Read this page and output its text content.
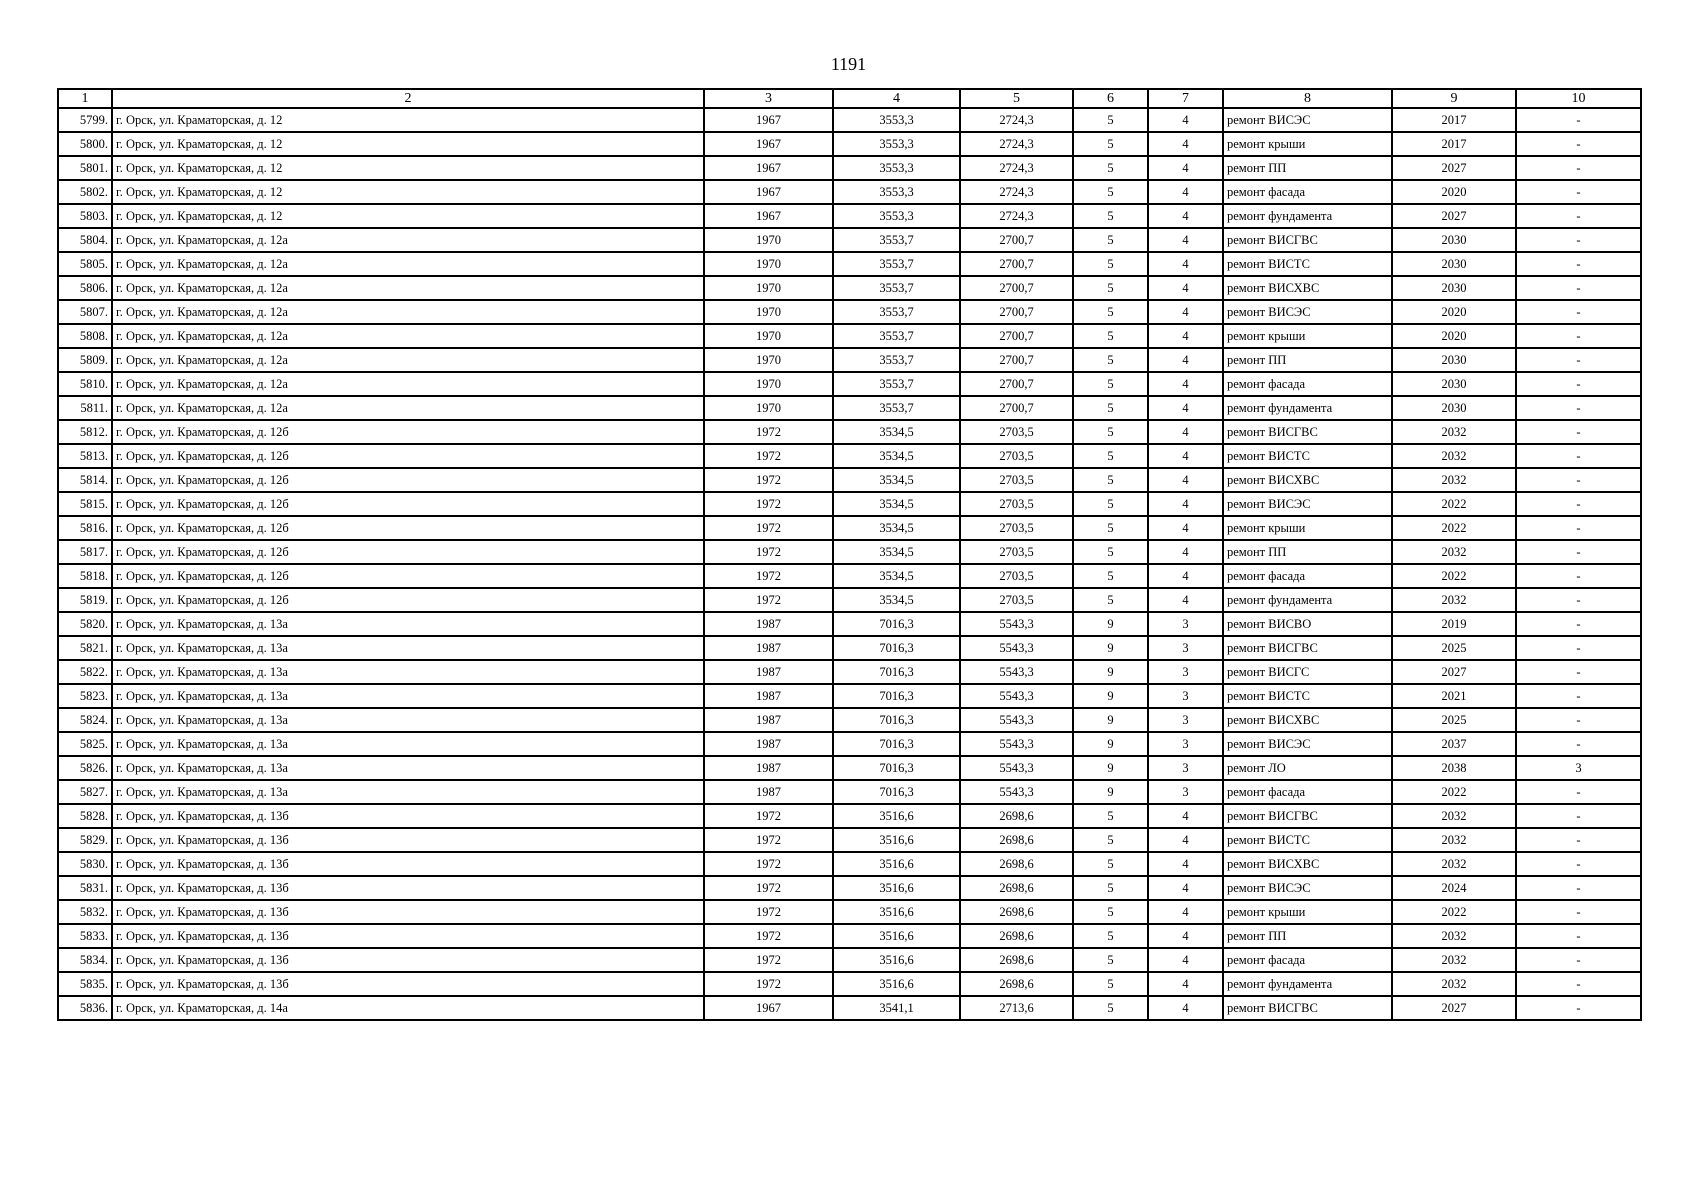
1191
1	2	3	4	5	6	7	8	9	10
5799.	г. Орск, ул. Краматорская, д. 12	1967	3553,3	2724,3	5	4	ремонт ВИСЭС	2017	-
5800.	г. Орск, ул. Краматорская, д. 12	1967	3553,3	2724,3	5	4	ремонт крыши	2017	-
5801.	г. Орск, ул. Краматорская, д. 12	1967	3553,3	2724,3	5	4	ремонт ПП	2027	-
5802.	г. Орск, ул. Краматорская, д. 12	1967	3553,3	2724,3	5	4	ремонт фасада	2020	-
5803.	г. Орск, ул. Краматорская, д. 12	1967	3553,3	2724,3	5	4	ремонт фундамента	2027	-
5804.	г. Орск, ул. Краматорская, д. 12а	1970	3553,7	2700,7	5	4	ремонт ВИСГВС	2030	-
5805.	г. Орск, ул. Краматорская, д. 12а	1970	3553,7	2700,7	5	4	ремонт ВИСТС	2030	-
5806.	г. Орск, ул. Краматорская, д. 12а	1970	3553,7	2700,7	5	4	ремонт ВИСХВС	2030	-
5807.	г. Орск, ул. Краматорская, д. 12а	1970	3553,7	2700,7	5	4	ремонт ВИСЭС	2020	-
5808.	г. Орск, ул. Краматорская, д. 12а	1970	3553,7	2700,7	5	4	ремонт крыши	2020	-
5809.	г. Орск, ул. Краматорская, д. 12а	1970	3553,7	2700,7	5	4	ремонт ПП	2030	-
5810.	г. Орск, ул. Краматорская, д. 12а	1970	3553,7	2700,7	5	4	ремонт фасада	2030	-
5811.	г. Орск, ул. Краматорская, д. 12а	1970	3553,7	2700,7	5	4	ремонт фундамента	2030	-
5812.	г. Орск, ул. Краматорская, д. 12б	1972	3534,5	2703,5	5	4	ремонт ВИСГВС	2032	-
5813.	г. Орск, ул. Краматорская, д. 12б	1972	3534,5	2703,5	5	4	ремонт ВИСТС	2032	-
5814.	г. Орск, ул. Краматорская, д. 12б	1972	3534,5	2703,5	5	4	ремонт ВИСХВС	2032	-
5815.	г. Орск, ул. Краматорская, д. 12б	1972	3534,5	2703,5	5	4	ремонт ВИСЭС	2022	-
5816.	г. Орск, ул. Краматорская, д. 12б	1972	3534,5	2703,5	5	4	ремонт крыши	2022	-
5817.	г. Орск, ул. Краматорская, д. 12б	1972	3534,5	2703,5	5	4	ремонт ПП	2032	-
5818.	г. Орск, ул. Краматорская, д. 12б	1972	3534,5	2703,5	5	4	ремонт фасада	2022	-
5819.	г. Орск, ул. Краматорская, д. 12б	1972	3534,5	2703,5	5	4	ремонт фундамента	2032	-
5820.	г. Орск, ул. Краматорская, д. 13а	1987	7016,3	5543,3	9	3	ремонт ВИСВО	2019	-
5821.	г. Орск, ул. Краматорская, д. 13а	1987	7016,3	5543,3	9	3	ремонт ВИСГВС	2025	-
5822.	г. Орск, ул. Краматорская, д. 13а	1987	7016,3	5543,3	9	3	ремонт ВИСГС	2027	-
5823.	г. Орск, ул. Краматорская, д. 13а	1987	7016,3	5543,3	9	3	ремонт ВИСТС	2021	-
5824.	г. Орск, ул. Краматорская, д. 13а	1987	7016,3	5543,3	9	3	ремонт ВИСХВС	2025	-
5825.	г. Орск, ул. Краматорская, д. 13а	1987	7016,3	5543,3	9	3	ремонт ВИСЭС	2037	-
5826.	г. Орск, ул. Краматорская, д. 13а	1987	7016,3	5543,3	9	3	ремонт ЛО	2038	3
5827.	г. Орск, ул. Краматорская, д. 13а	1987	7016,3	5543,3	9	3	ремонт фасада	2022	-
5828.	г. Орск, ул. Краматорская, д. 13б	1972	3516,6	2698,6	5	4	ремонт ВИСГВС	2032	-
5829.	г. Орск, ул. Краматорская, д. 13б	1972	3516,6	2698,6	5	4	ремонт ВИСТС	2032	-
5830.	г. Орск, ул. Краматорская, д. 13б	1972	3516,6	2698,6	5	4	ремонт ВИСХВС	2032	-
5831.	г. Орск, ул. Краматорская, д. 13б	1972	3516,6	2698,6	5	4	ремонт ВИСЭС	2024	-
5832.	г. Орск, ул. Краматорская, д. 13б	1972	3516,6	2698,6	5	4	ремонт крыши	2022	-
5833.	г. Орск, ул. Краматорская, д. 13б	1972	3516,6	2698,6	5	4	ремонт ПП	2032	-
5834.	г. Орск, ул. Краматорская, д. 13б	1972	3516,6	2698,6	5	4	ремонт фасада	2032	-
5835.	г. Орск, ул. Краматорская, д. 13б	1972	3516,6	2698,6	5	4	ремонт фундамента	2032	-
5836.	г. Орск, ул. Краматорская, д. 14а	1967	3541,1	2713,6	5	4	ремонт ВИСГВС	2027	-
